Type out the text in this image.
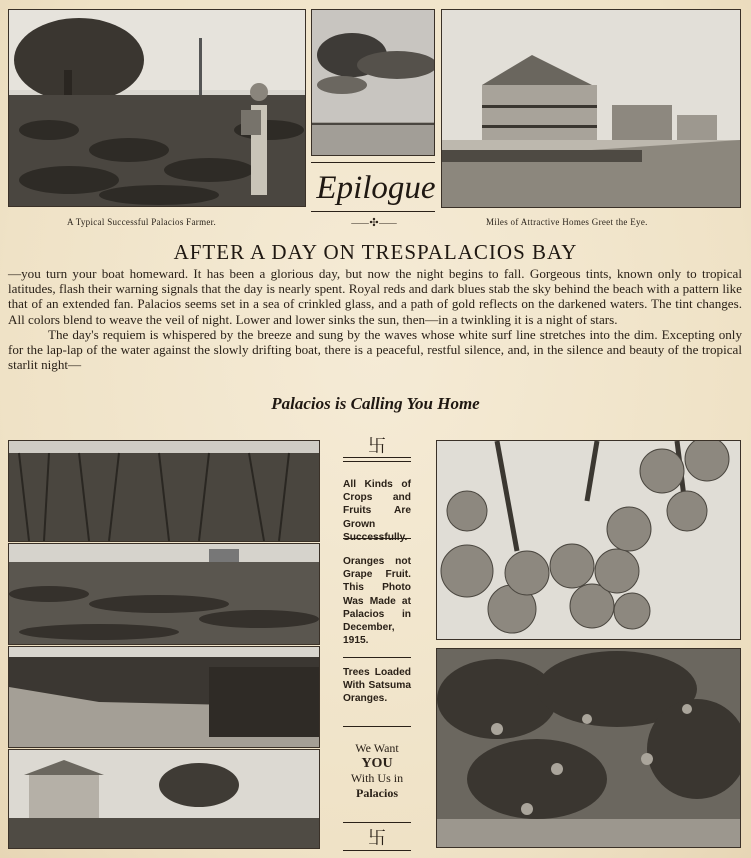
A Typical Successful Palacios Farmer.	Miles of Attractive Homes Greet the Eye.
Epilogue
⸺✣⸺
AFTER A DAY ON TRESPALACIOS BAY

—you turn your boat homeward. It has been a glorious day, but now the night begins to fall. Gorgeous tints, known only to tropical latitudes, flash their warning signals that the day is nearly spent. Royal reds and dark blues stab the sky behind the beach with a pattern like that of an extended fan. Palacios seems set in a sea of crinkled glass, and a path of gold reflects on the darkened waters. The tint changes. All colors blend to weave the veil of night. Lower and lower sinks the sun, then—in a twinkling it is a night of stars.

The day's requiem is whispered by the breeze and sung by the waves whose white surf line stretches into the dim. Excepting only for the lap-lap of the water against the slowly drifting boat, there is a peaceful, restful silence, and, in the silence and beauty of the tropical starlit night—

Palacios is Calling You Home
卐
All Kinds of Crops and Fruits Are Grown
Oranges not Grape Fruit. This Photo Was Made at Palacios in December, 1915.
Trees Loaded With Satsuma Oranges.
We Want
YOU
With Us in
Palacios
卐
